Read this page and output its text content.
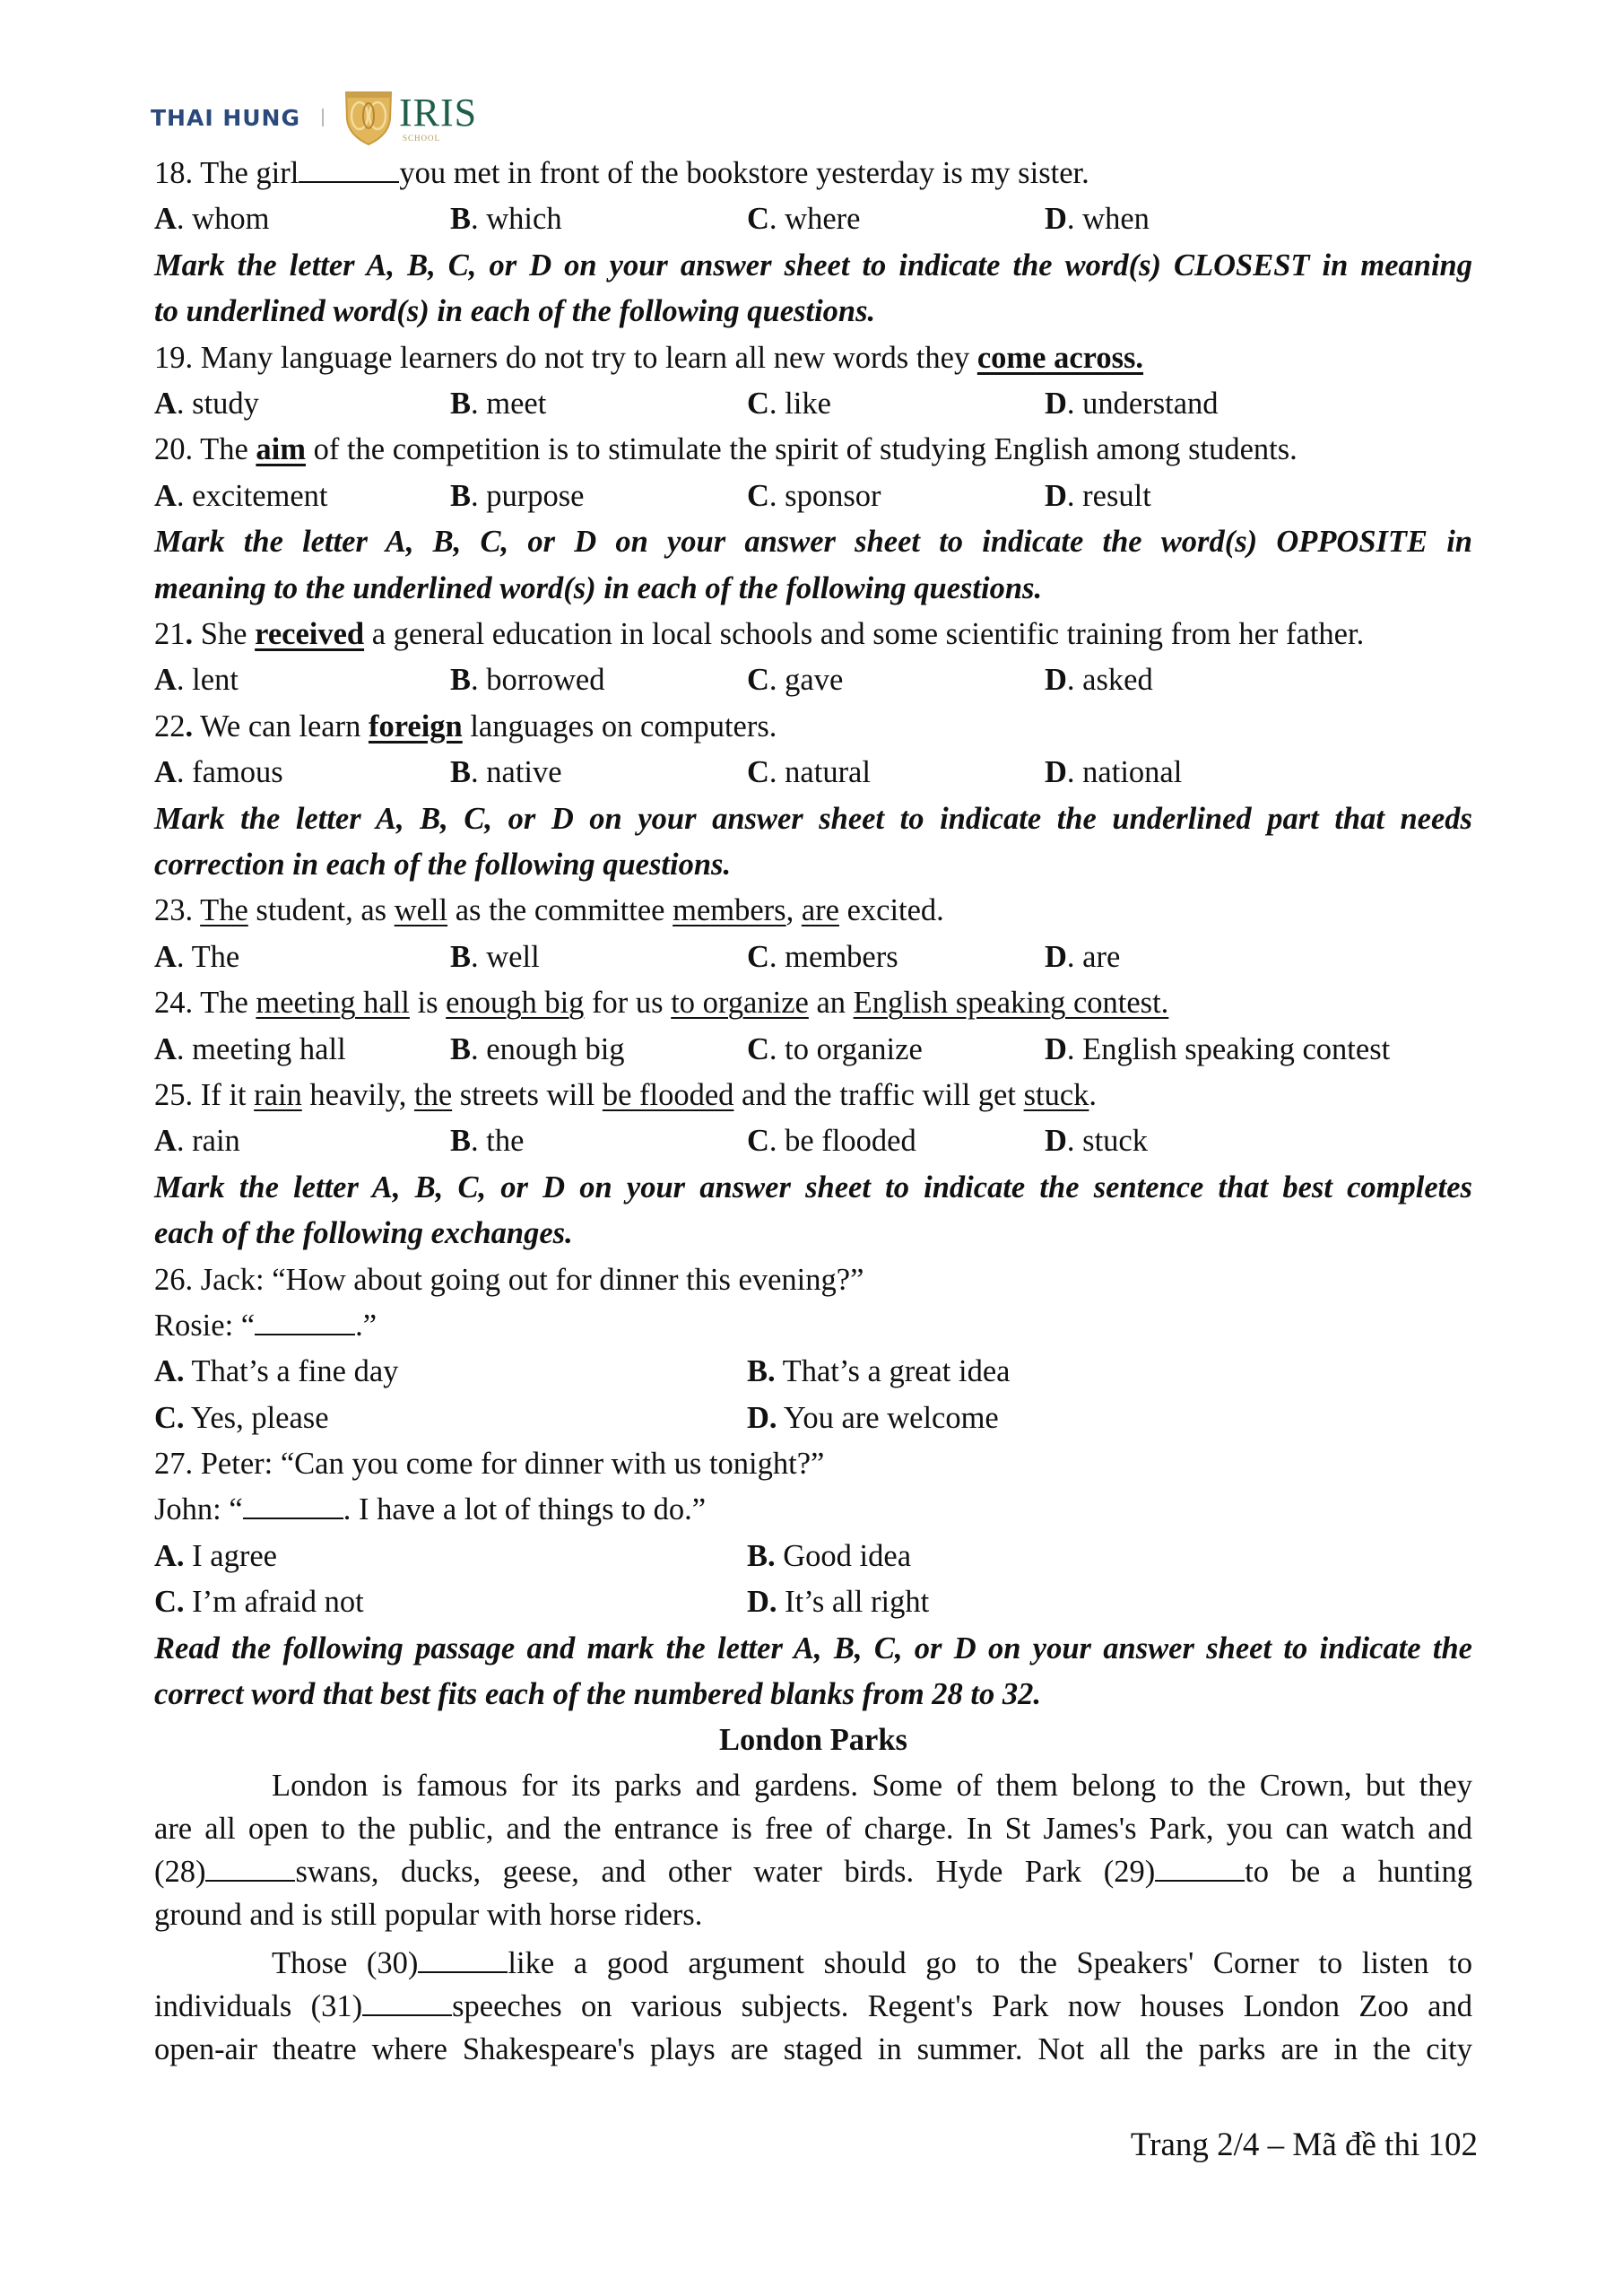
THAI HUNG	IRIS
SCHOOL
18. The girl	you met in front of the bookstore yesterday is my sister.
A. whom	B. which	C. where	D. when
Mark the letter A, B, C, or D on your answer sheet to indicate the word(s) CLOSEST in meaning
to underlined word(s) in each of the following questions.
19. Many language learners do not try to learn all new words they come across.
A. study	B. meet	C. like	D. understand
20. The aim of the competition is to stimulate the spirit of studying English among students.
A. excitement	B. purpose	C. sponsor	D. result
Mark the letter A, B, C, or D on your answer sheet to indicate the word(s) OPPOSITE in
meaning to the underlined word(s) in each of the following questions.
21. She received a general education in local schools and some scientific training from her father.
A. lent	B. borrowed	C. gave	D. asked
22. We can learn foreign languages on computers.
A. famous	B. native	C. natural	D. national
Mark the letter A, B, C, or D on your answer sheet to indicate the underlined part that needs
correction in each of the following questions.
23. The student, as well as the committee members, are excited.
A. The	B. well	C. members	D. are
24. The meeting hall is enough big for us to organize an English speaking contest.
A. meeting hall	B. enough big	C. to organize	D. English speaking contest
25. If it rain heavily, the streets will be flooded and the traffic will get stuck.
A. rain	B. the	C. be flooded	D. stuck
Mark the letter A, B, C, or D on your answer sheet to indicate the sentence that best completes
each of the following exchanges.
26. Jack: “How about going out for dinner this evening?”
Rosie: “	.”
A. That’s a fine day	B. That’s a great idea
C. Yes, please	D. You are welcome
27. Peter: “Can you come for dinner with us tonight?”
John: “	. I have a lot of things to do.”
A. I agree	B. Good idea
C. I’m afraid not	D. It’s all right
Read the following passage and mark the letter A, B, C, or D on your answer sheet to indicate the
correct word that best fits each of the numbered blanks from 28 to 32.
London Parks
London is famous for its parks and gardens. Some of them belong to the Crown, but they
are all open to the public, and the entrance is free of charge. In St James's Park, you can watch and
(28)	swans, ducks, geese, and other water birds. Hyde Park (29)	to be a hunting
ground and is still popular with horse riders.
Those (30)	like a good argument should go to the Speakers' Corner to listen to
individuals (31)	speeches on various subjects. Regent's Park now houses London Zoo and
open-air theatre where Shakespeare's plays are staged in summer. Not all the parks are in the city
Trang 2/4 – Mã đề thi 102
